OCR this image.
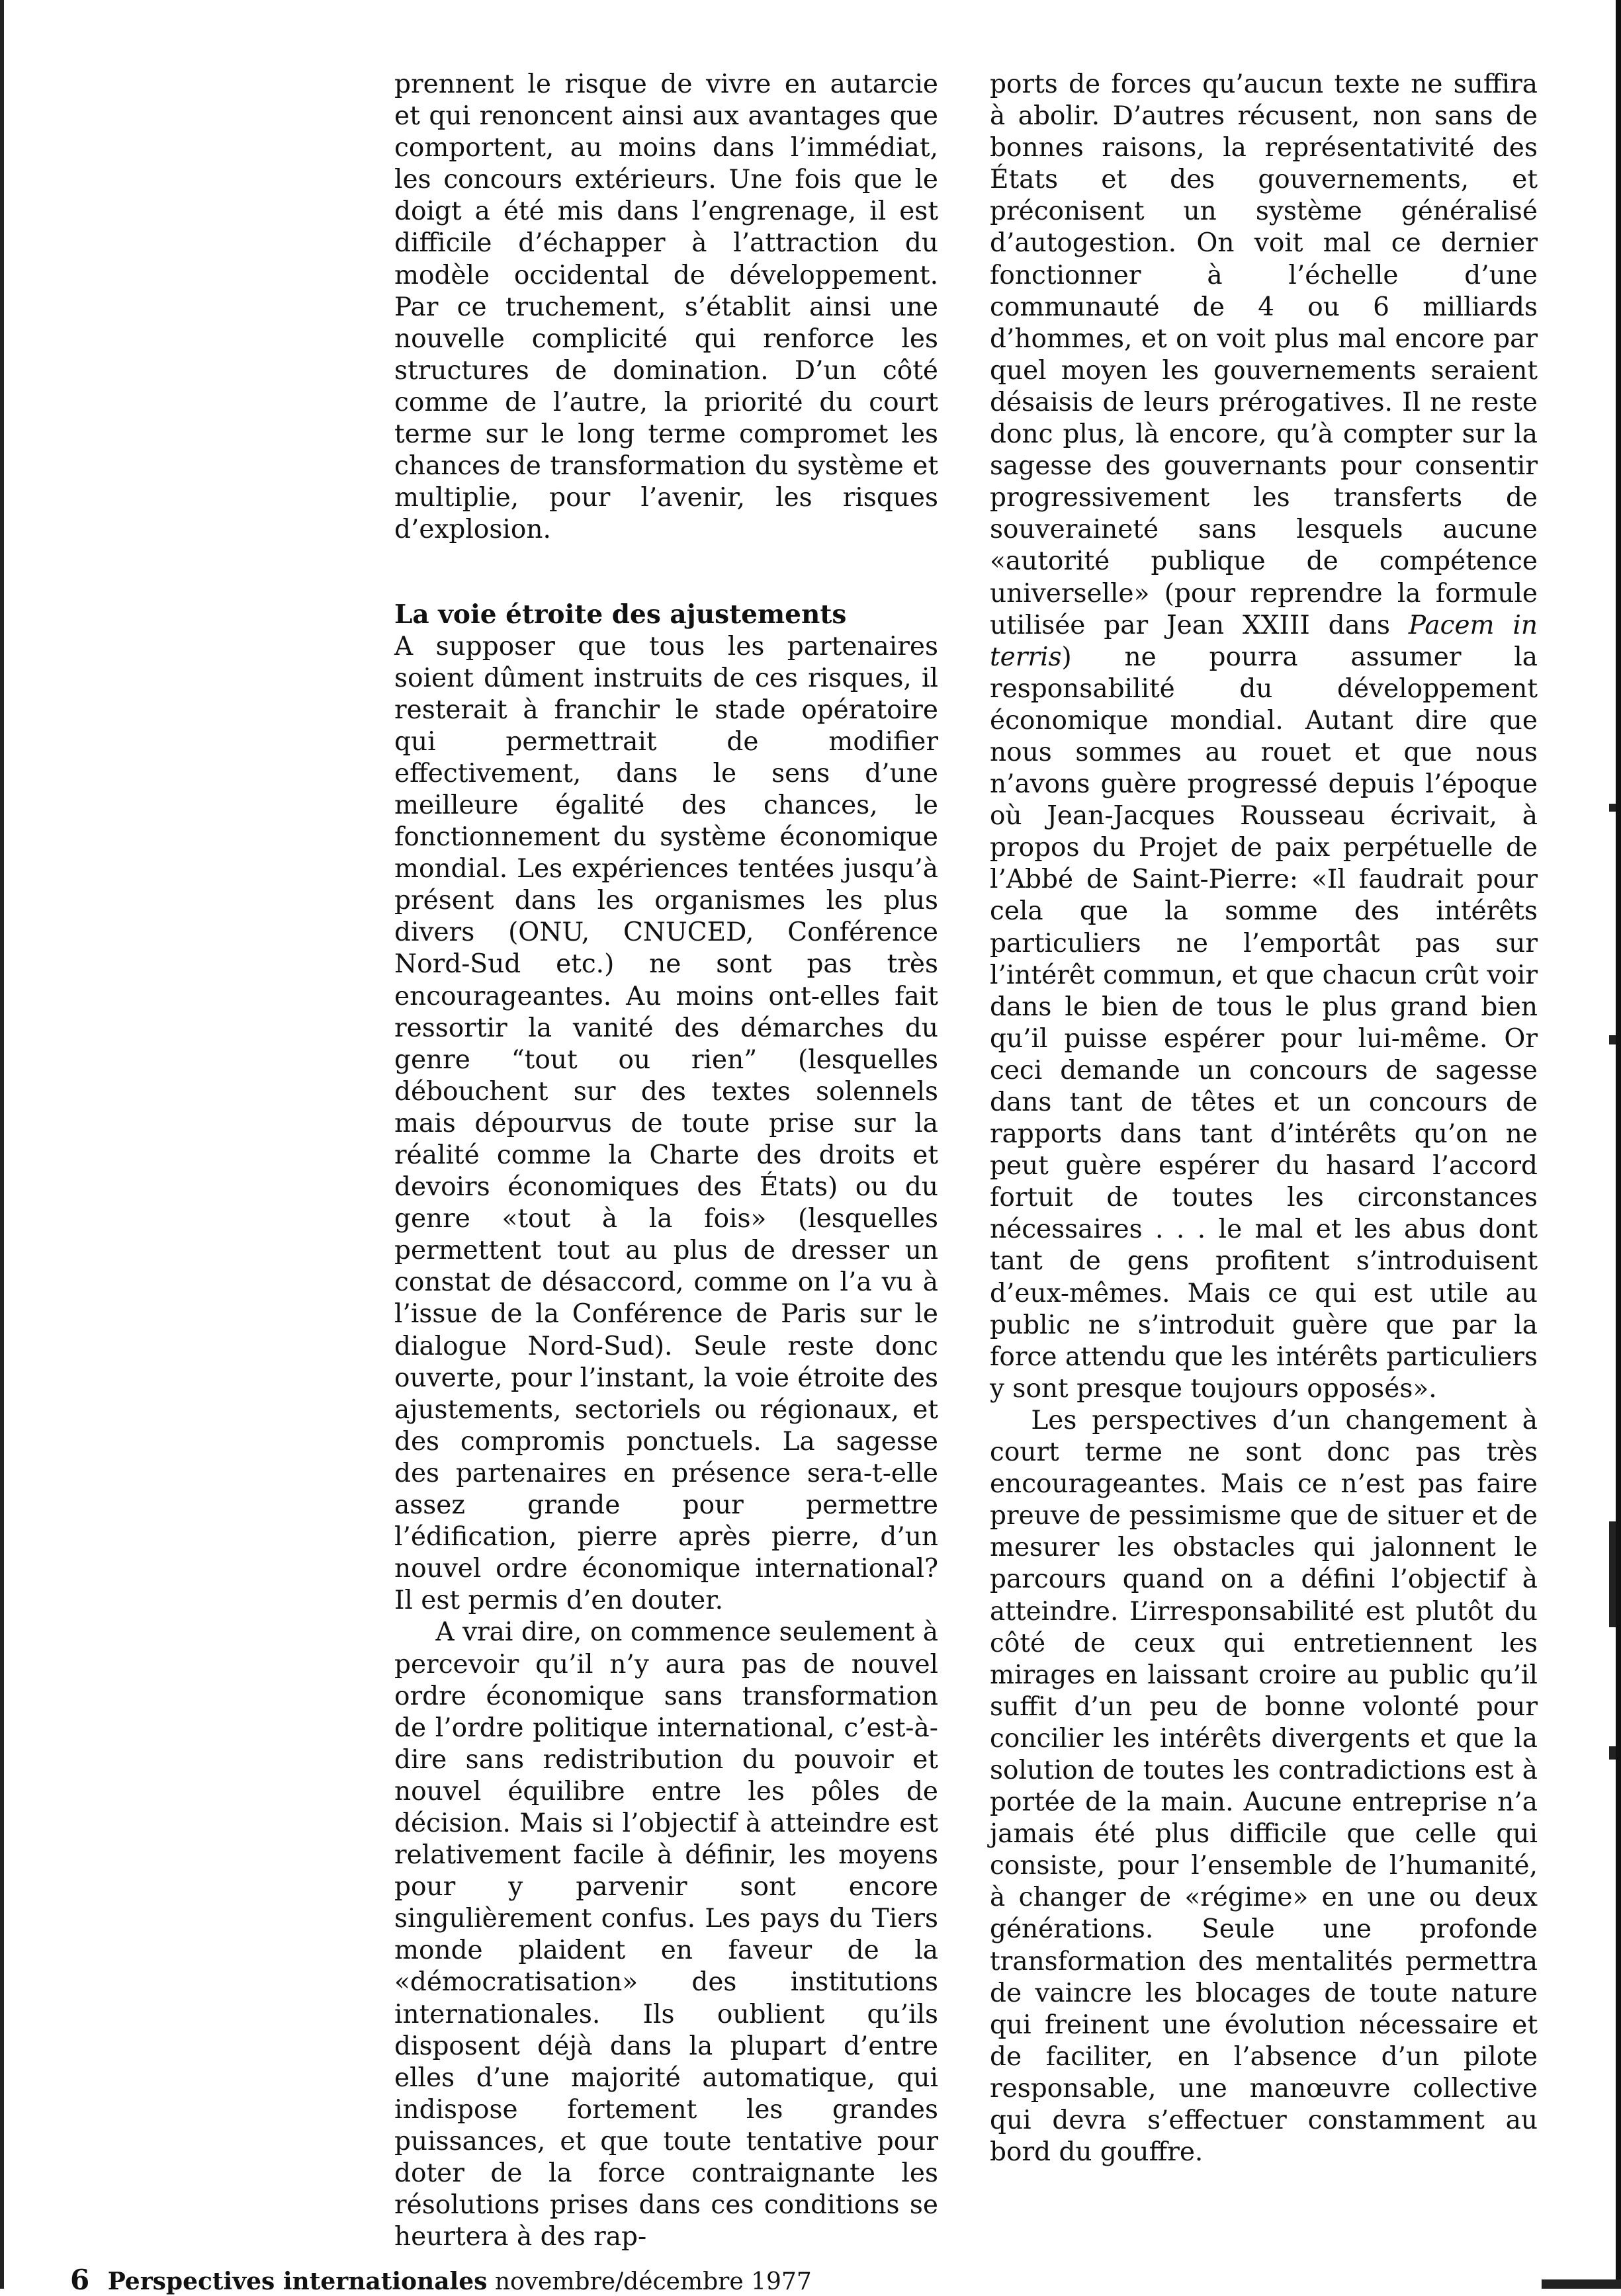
prennent le risque de vivre en autarcie et qui renoncent ainsi aux avantages que comportent, au moins dans l’immédiat, les concours extérieurs. Une fois que le doigt a été mis dans l’engrenage, il est difficile d’échapper à l’attraction du modèle occidental de développement. Par ce truchement, s’établit ainsi une nouvelle complicité qui renforce les structures de domination. D’un côté comme de l’autre, la priorité du court terme sur le long terme compromet les chances de transformation du système et multiplie, pour l’avenir, les risques d’explosion.

La voie étroite des ajustements

A supposer que tous les partenaires soient dûment instruits de ces risques, il resterait à franchir le stade opératoire qui permettrait de modifier effectivement, dans le sens d’une meilleure égalité des chances, le fonctionnement du système économique mondial. Les expériences tentées jusqu’à présent dans les organismes les plus divers (ONU, CNUCED, Conférence Nord-Sud etc.) ne sont pas très encourageantes. Au moins ont-elles fait ressortir la vanité des démarches du genre “tout ou rien” (lesquelles débouchent sur des textes solennels mais dépourvus de toute prise sur la réalité comme la Charte des droits et devoirs économiques des États) ou du genre «tout à la fois» (lesquelles permettent tout au plus de dresser un constat de désaccord, comme on l’a vu à l’issue de la Conférence de Paris sur le dialogue Nord-Sud). Seule reste donc ouverte, pour l’instant, la voie étroite des ajustements, sectoriels ou régionaux, et des compromis ponctuels. La sagesse des partenaires en présence sera-t-elle assez grande pour permettre l’édification, pierre après pierre, d’un nouvel ordre économique international? Il est permis d’en douter.

A vrai dire, on commence seulement à percevoir qu’il n’y aura pas de nouvel ordre économique sans transformation de l’ordre politique international, c’est-à-dire sans redistribution du pouvoir et nouvel équilibre entre les pôles de décision. Mais si l’objectif à atteindre est relativement facile à définir, les moyens pour y parvenir sont encore singulièrement confus. Les pays du Tiers monde plaident en faveur de la «démocratisation» des institutions internationales. Ils oublient qu’ils disposent déjà dans la plupart d’entre elles d’une majorité automatique, qui indispose fortement les grandes puissances, et que toute tentative pour doter de la force contraignante les résolutions prises dans ces conditions se heurtera à des rap-

ports de forces qu’aucun texte ne suffira à abolir. D’autres récusent, non sans de bonnes raisons, la représentativité des États et des gouvernements, et préconisent un système généralisé d’autogestion. On voit mal ce dernier fonctionner à l’échelle d’une communauté de 4 ou 6 milliards d’hommes, et on voit plus mal encore par quel moyen les gouvernements seraient désaisis de leurs prérogatives. Il ne reste donc plus, là encore, qu’à compter sur la sagesse des gouvernants pour consentir progressivement les transferts de souveraineté sans lesquels aucune «autorité publique de compétence universelle» (pour reprendre la formule utilisée par Jean XXIII dans Pacem in terris) ne pourra assumer la responsabilité du développement économique mondial. Autant dire que nous sommes au rouet et que nous n’avons guère progressé depuis l’époque où Jean-Jacques Rousseau écrivait, à propos du Projet de paix perpétuelle de l’Abbé de Saint-Pierre: «Il faudrait pour cela que la somme des intérêts particuliers ne l’emportât pas sur l’intérêt commun, et que chacun crût voir dans le bien de tous le plus grand bien qu’il puisse espérer pour lui-même. Or ceci demande un concours de sagesse dans tant de têtes et un concours de rapports dans tant d’intérêts qu’on ne peut guère espérer du hasard l’accord fortuit de toutes les circonstances nécessaires . . . le mal et les abus dont tant de gens profitent s’introduisent d’eux-mêmes. Mais ce qui est utile au public ne s’introduit guère que par la force attendu que les intérêts particuliers y sont presque toujours opposés».

Les perspectives d’un changement à court terme ne sont donc pas très encourageantes. Mais ce n’est pas faire preuve de pessimisme que de situer et de mesurer les obstacles qui jalonnent le parcours quand on a défini l’objectif à atteindre. L’irresponsabilité est plutôt du côté de ceux qui entretiennent les mirages en laissant croire au public qu’il suffit d’un peu de bonne volonté pour concilier les intérêts divergents et que la solution de toutes les contradictions est à portée de la main. Aucune entreprise n’a jamais été plus difficile que celle qui consiste, pour l’ensemble de l’humanité, à changer de «régime» en une ou deux générations. Seule une profonde transformation des mentalités permettra de vaincre les blocages de toute nature qui freinent une évolution nécessaire et de faciliter, en l’absence d’un pilote responsable, une manœuvre collective qui devra s’effectuer constamment au bord du gouffre.

6 Perspectives internationales novembre/décembre 1977
